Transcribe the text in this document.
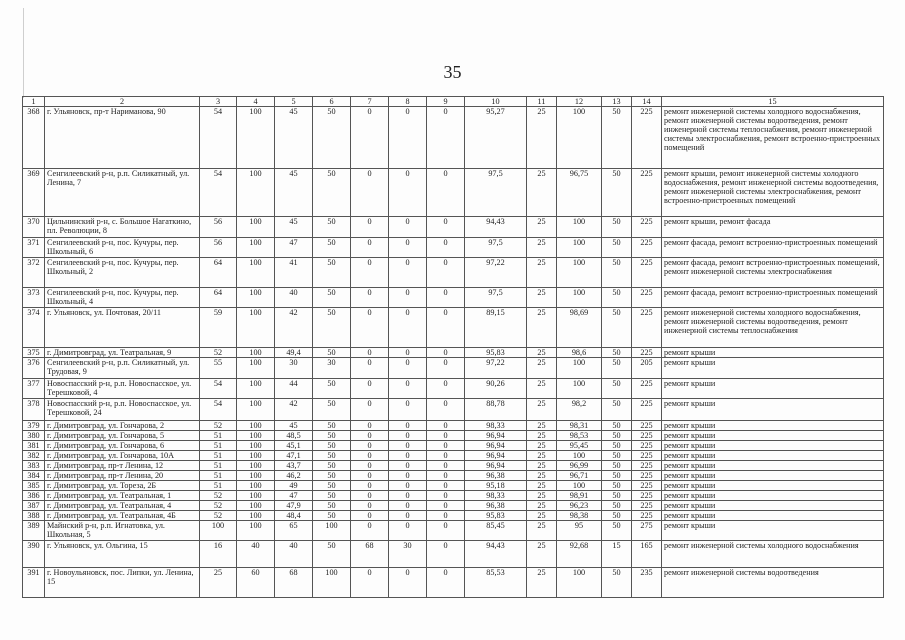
35
1	2	3	4	5	6	7	8	9	10	11	12	13	14	15
368	г. Ульяновск, пр-т Нариманова, 90	54	100	45	50	0	0	0	95,27	25	100	50	225	ремонт инженерной системы холодного водоснабжения, ремонт инженерной системы водоотведения, ремонт инженерной системы теплоснабжения, ремонт инженерной системы электроснабжения, ремонт встроенно-пристроенных помещений
369	Сенгилеевский р-н, р.п. Силикатный, ул. Ленина, 7	54	100	45	50	0	0	0	97,5	25	96,75	50	225	ремонт крыши, ремонт инженерной системы холодного водоснабжения, ремонт инженерной системы водоотведения, ремонт инженерной системы электроснабжения, ремонт встроенно-пристроенных помещений
370	Цильнинский р-н, с. Большое Нагаткино, пл. Революции, 8	56	100	45	50	0	0	0	94,43	25	100	50	225	ремонт крыши, ремонт фасада
371	Сенгилеевский р-н, пос. Кучуры, пер. Школьный, 6	56	100	47	50	0	0	0	97,5	25	100	50	225	ремонт фасада, ремонт встроенно-пристроенных помещений
372	Сенгилеевский р-н, пос. Кучуры, пер. Школьный, 2	64	100	41	50	0	0	0	97,22	25	100	50	225	ремонт фасада, ремонт встроенно-пристроенных помещений, ремонт инженерной системы электроснабжения
373	Сенгилеевский р-н, пос. Кучуры, пер. Школьный, 4	64	100	40	50	0	0	0	97,5	25	100	50	225	ремонт фасада, ремонт встроенно-пристроенных помещений
374	г. Ульяновск, ул. Почтовая, 20/11	59	100	42	50	0	0	0	89,15	25	98,69	50	225	ремонт инженерной системы холодного водоснабжения, ремонт инженерной системы водоотведения, ремонт инженерной системы теплоснабжения
375	г. Димитровград, ул. Театральная, 9	52	100	49,4	50	0	0	0	95,83	25	98,6	50	225	ремонт крыши
376	Сенгилеевский р-н, р.п. Силикатный, ул. Трудовая, 9	55	100	30	30	0	0	0	97,22	25	100	50	205	ремонт крыши
377	Новоспасский р-н, р.п. Новоспасское, ул. Терешковой, 4	54	100	44	50	0	0	0	90,26	25	100	50	225	ремонт крыши
378	Новоспасский р-н, р.п. Новоспасское, ул. Терешковой, 24	54	100	42	50	0	0	0	88,78	25	98,2	50	225	ремонт крыши
379	г. Димитровград, ул. Гончарова, 2	52	100	45	50	0	0	0	98,33	25	98,31	50	225	ремонт крыши
380	г. Димитровград, ул. Гончарова, 5	51	100	48,5	50	0	0	0	96,94	25	98,53	50	225	ремонт крыши
381	г. Димитровград, ул. Гончарова, 6	51	100	45,1	50	0	0	0	96,94	25	95,45	50	225	ремонт крыши
382	г. Димитровград, ул. Гончарова, 10А	51	100	47,1	50	0	0	0	96,94	25	100	50	225	ремонт крыши
383	г. Димитровград, пр-т Ленина, 12	51	100	43,7	50	0	0	0	96,94	25	96,99	50	225	ремонт крыши
384	г. Димитровград, пр-т Ленина, 20	51	100	46,2	50	0	0	0	96,38	25	96,71	50	225	ремонт крыши
385	г. Димитровград, ул. Тореза, 2Б	51	100	49	50	0	0	0	95,18	25	100	50	225	ремонт крыши
386	г. Димитровград, ул. Театральная, 1	52	100	47	50	0	0	0	98,33	25	98,91	50	225	ремонт крыши
387	г. Димитровград, ул. Театральная, 4	52	100	47,9	50	0	0	0	96,38	25	96,23	50	225	ремонт крыши
388	г. Димитровград, ул. Театральная, 4Б	52	100	48,4	50	0	0	0	95,83	25	98,38	50	225	ремонт крыши
389	Майнский р-н, р.п. Игнатовка, ул. Школьная, 5	100	100	65	100	0	0	0	85,45	25	95	50	275	ремонт крыши
390	г. Ульяновск, ул. Ольгина, 15	16	40	40	50	68	30	0	94,43	25	92,68	15	165	ремонт инженерной системы холодного водоснабжения
391	г. Новоульяновск, пос. Липки, ул. Ленина, 15	25	60	68	100	0	0	0	85,53	25	100	50	235	ремонт инженерной системы водоотведения
